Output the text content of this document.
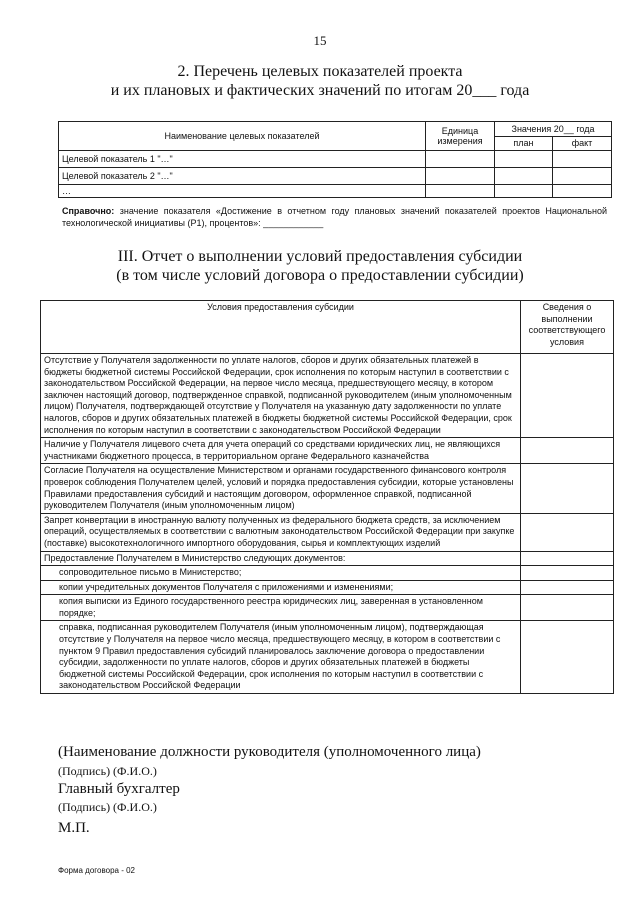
15
2. Перечень целевых показателей проекта
и их плановых и фактических значений по итогам 20___ года
Наименование целевых показателей	Единица измерения	Значения 20__ года	
		план	факт
Целевой показатель 1 "…"			
Целевой показатель 2 "…"			
…			
Справочно: значение показателя «Достижение в отчетном году плановых значений показателей проектов Национальной технологической инициативы (P1), процентов»: ____________
III. Отчет о выполнении условий предоставления субсидии
(в том числе условий договора о предоставлении субсидии)
Условия предоставления субсидии	Сведения о выполнении соответствующего условия
Отсутствие у Получателя задолженности по уплате налогов, сборов и других обязательных платежей в бюджеты бюджетной системы Российской Федерации, срок исполнения по которым наступил в соответствии с законодательством Российской Федерации, на первое число месяца, предшествующего месяцу, в котором заключен настоящий договор, подтвержденное справкой, подписанной руководителем (иным уполномоченным лицом) Получателя, подтверждающей отсутствие у Получателя на указанную дату задолженности по уплате налогов, сборов и других обязательных платежей в бюджеты бюджетной системы Российской Федерации, срок исполнения по которым наступил в соответствии с законодательством Российской Федерации	
Наличие у Получателя лицевого счета для учета операций со средствами юридических лиц, не являющихся участниками бюджетного процесса, в территориальном органе Федерального казначейства	
Согласие Получателя на осуществление Министерством и органами государственного финансового контроля проверок соблюдения Получателем целей, условий и порядка предоставления субсидии, которые установлены Правилами предоставления субсидий и настоящим договором, оформленное справкой, подписанной руководителем Получателя (иным уполномоченным лицом)	
Запрет конвертации в иностранную валюту полученных из федерального бюджета средств, за исключением операций, осуществляемых в соответствии с валютным законодательством Российской Федерации при закупке (поставке) высокотехнологичного импортного оборудования, сырья и комплектующих изделий	
Предоставление Получателем в Министерство следующих документов:	
сопроводительное письмо в Министерство;	
копии учредительных документов Получателя с приложениями и изменениями;	
копия выписки из Единого государственного реестра юридических лиц, заверенная в установленном порядке;	
справка, подписанная руководителем Получателя (иным уполномоченным лицом), подтверждающая отсутствие у Получателя на первое число месяца, предшествующего месяцу, в котором в соответствии с пунктом 9 Правил предоставления субсидий планировалось заключение договора о предоставлении субсидии, задолженности по уплате налогов, сборов и других обязательных платежей в бюджеты бюджетной системы Российской Федерации, срок исполнения по которым наступил в соответствии с законодательством Российской Федерации	
(Наименование должности руководителя (уполномоченного лица)
(Подпись) (Ф.И.О.)
Главный бухгалтер
(Подпись) (Ф.И.О.)
М.П.
Форма договора - 02
